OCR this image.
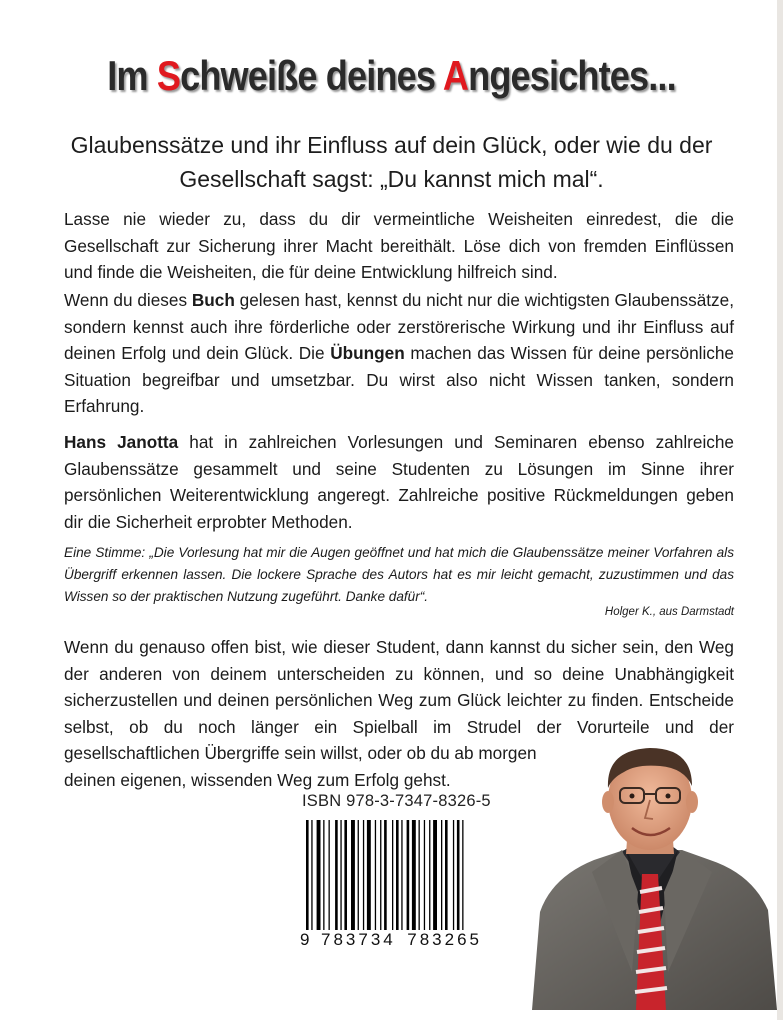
Im Schweiße deines Angesichtes...
Glaubenssätze und ihr Einfluss auf dein Glück, oder wie du der
Gesellschaft sagst: „Du kannst mich mal“.
Lasse nie wieder zu, dass du dir vermeintliche Weisheiten einredest, die die Gesellschaft zur Sicherung ihrer Macht bereithält. Löse dich von fremden Einflüssen und finde die Weisheiten, die für deine Entwicklung hilfreich sind.
Wenn du dieses Buch gelesen hast, kennst du nicht nur die wichtigsten Glaubenssätze, sondern kennst auch ihre förderliche oder zerstörerische Wirkung und ihr Einfluss auf deinen Erfolg und dein Glück. Die Übungen machen das Wissen für deine persönliche Situation begreifbar und umsetzbar. Du wirst also nicht Wissen tanken, sondern Erfahrung.
Hans Janotta hat in zahlreichen Vorlesungen und Seminaren ebenso zahlreiche Glaubenssätze gesammelt und seine Studenten zu Lösungen im Sinne ihrer persönlichen Weiterentwicklung angeregt. Zahlreiche positive Rückmeldungen geben dir die Sicherheit erprobter Methoden.
Eine Stimme: „Die Vorlesung hat mir die Augen geöffnet und hat mich die Glaubenssätze meiner Vorfahren als Übergriff erkennen lassen. Die lockere Sprache des Autors hat es mir leicht gemacht, zuzustimmen und das Wissen so der praktischen Nutzung zugeführt. Danke dafür“.
Holger K., aus Darmstadt
Wenn du genauso offen bist, wie dieser Student, dann kannst du sicher sein, den Weg
der anderen von deinem unterscheiden zu können, und so deine Unabhängigkeit
sicherzustellen und deinen persönlichen Weg zum Glück leichter zu finden. Entscheide
selbst, ob du noch länger ein Spielball im Strudel der Vorurteile und der
gesellschaftlichen Übergriffe sein willst, oder ob du ab morgen
deinen eigenen, wissenden Weg zum Erfolg gehst.
ISBN 978-3-7347-8326-5
9 783734 783265
